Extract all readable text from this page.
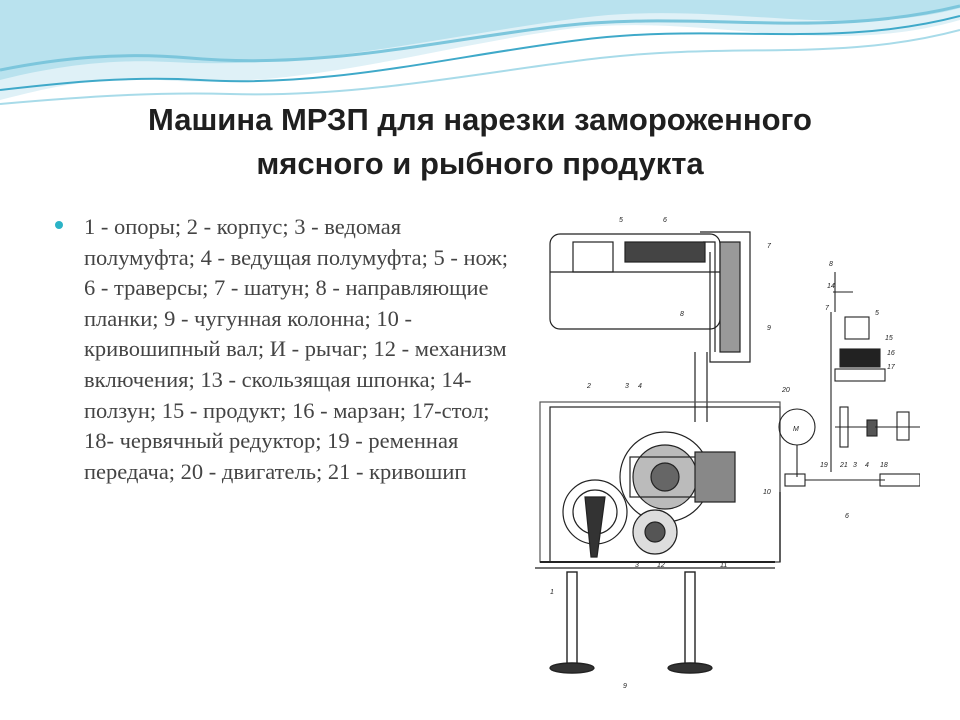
Машина МРЗП для нарезки замороженного
мясного и рыбного продукта

1 - опоры; 2 - корпус; 3 - ведомая полумуфта; 4 - ведущая полумуфта; 5 - нож; 6 - траверсы; 7 - шатун; 8 - направляющие планки; 9 - чугунная колонна; 10 - кривошипный вал; И - рычаг; 12 - механизм включения; 13 - скользящая шпонка; 14- ползун; 15 - продукт; 16 - марзан; 17-стол; 18- червячный редуктор; 19 - ременная передача; 20 - двигатель; 21 - кривошип

5	6
7
8
9
2	3 4
10
1
3	12	11
9
8
14
7
5
15
16
17
20
M
19 21 3 4 18
6
